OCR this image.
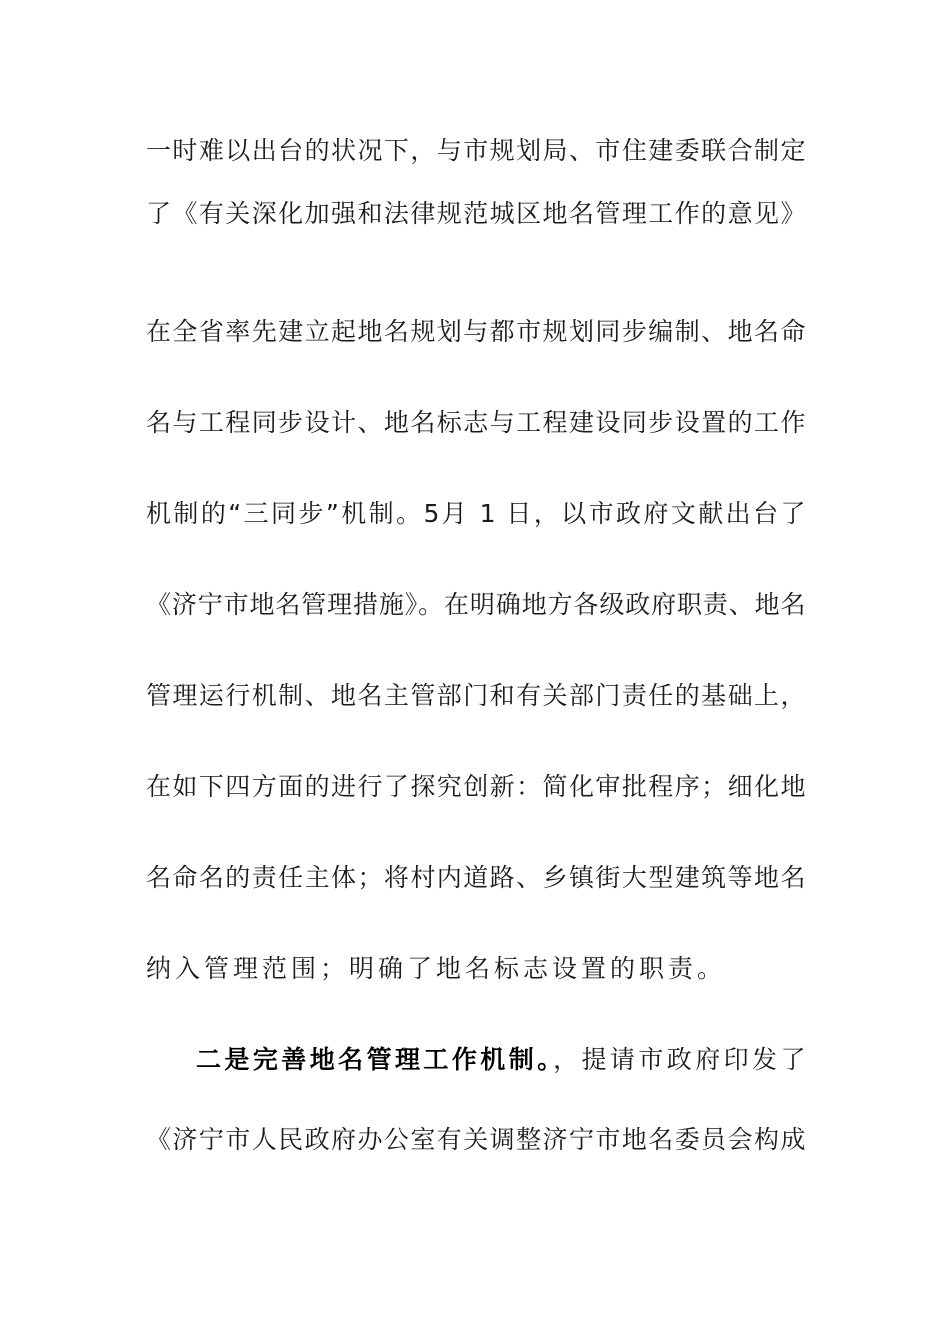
一时难以出台的状况下，与市规划局、市住建委联合制定
了《有关深化加强和法律规范城区地名管理工作的意见》
在全省率先建立起地名规划与都市规划同步编制、地名命
名与工程同步设计、地名标志与工程建设同步设置的工作
机制的“三同步”机制。5月 1 日，以市政府文献出台了
《济宁市地名管理措施》。在明确地方各级政府职责、地名
管理运行机制、地名主管部门和有关部门责任的基础上，
在如下四方面的进行了探究创新：简化审批程序；细化地
名命名的责任主体；将村内道路、乡镇街大型建筑等地名
纳入管理范围；明确了地名标志设置的职责。
二是完善地名管理工作机制。，提请市政府印发了
《济宁市人民政府办公室有关调整济宁市地名委员会构成
